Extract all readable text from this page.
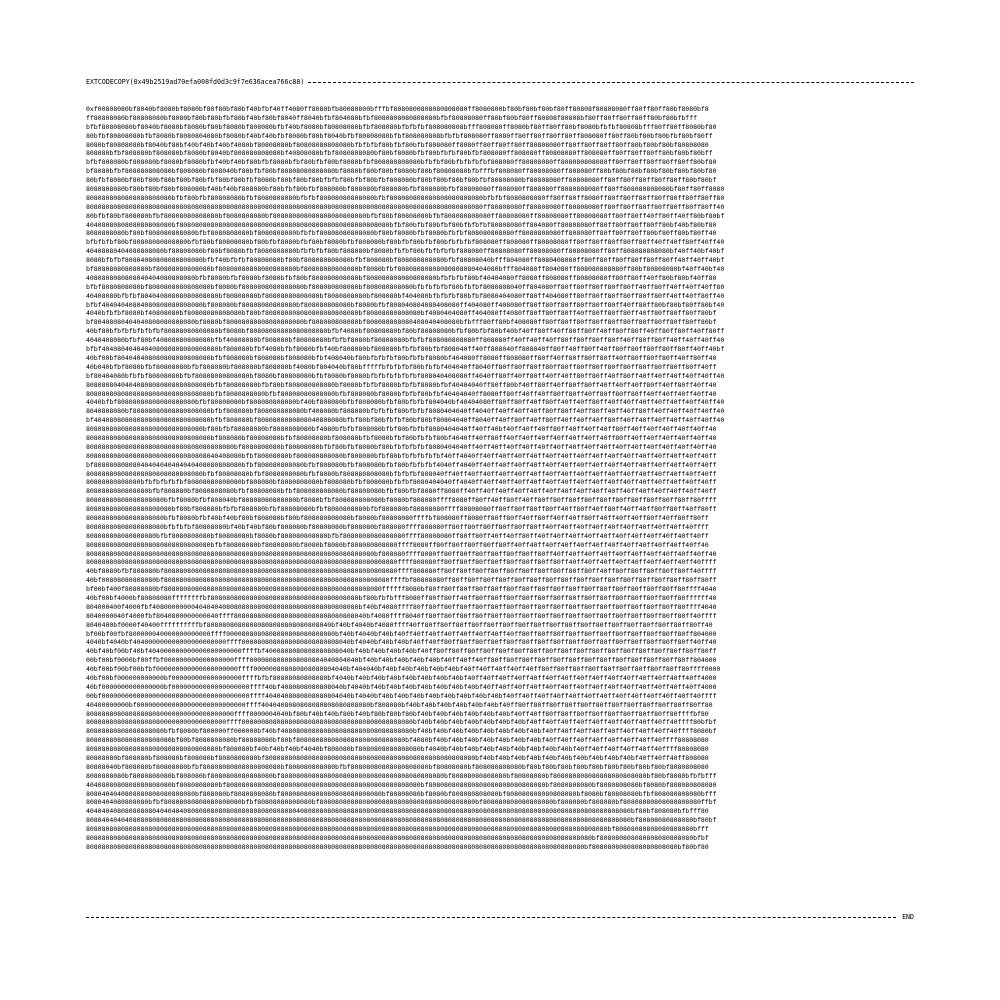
EXTCODECOPY(0x49b2519ad70efa008fd0d3c9f7e636acea766c88)
0xf00808080bf8040bf8080bf8080bf80f80bf80bf40bfbf40ff4080ff8080bfb80080800bfffbf8080800808080808080ff8080800bf80bf80bf80bf80ff80808f80808080ff80ff80ff80bf8080bf8
ff80808080bf80808080bf8080bf80bf80bfbf80bf40bf80bf8040ff8040bfbf804080bfbf8080808080808080bfbf80808080ff80bf80bf80ff80808f80808bf80ff80ff80ff80ff80bf80bfbfff
bfbf80808080bf8040bf8080bf8080bf80bf8080bf808080bfbf40bf8080bf80808080bfbf808080bfbfbfbf808080808bfff808080ff8080bf80ff80ff80bf8080bfbfbf80808bfff80ff80ff8080bf80
80bfbf80808080bfbf8080bf8080804080bf8080bf40bf40bfbf8080bf80bf8040bfbf80808080bfbf808080808bfbfbf808080ff8080ff80ff80ff80ff80ff808080ff80ff80bf80bf80bfbf80bf80ff
8080bf80808080bf8040bf80bf40bf40bf40bf4080bf80808080bf80808080808080bfbfbfbf80bfbf80bfbf808080ff8080ff80ff80ff80ff80808080ff80ff80ff80ff80ff80bf80bf80bf80808080
808080bfbf808080bf808080bf8080bf8040bf808080808080bf40808080bfbf8080808080bf80bf8080bfbf80bfbfbf80bfbf808080ff808080ff80808080ff808080ff80ff80ff80ff80bf80bf80bff
bfbf808080bf808080bf8080bf8080bfbf40bf40bf80bfbf8080bfbf80bfbf80bf8080bfbf808080808080bfbfbf80bfbfbfbfbf808080ff80808080ff808080808080ff80ff80ff80ff80ff80ff80bf80
bf8080bfbf808080808080bf808080bf808040bf80bfbf80bf80808080808080bf8080bf80bf80bf8080bf80bf80808080bfbfffbf808080ff80808080ff808080ff80bf80bf80bf80bf80bf80bf80bf80
80bfbf8080bf80bf80bf80bf80bf80bfbf80bf80bfbf8080bf80bf80bf80bfbfbf80bfbf80bfbf808080bf80bf80bf80bf80bfbf80808080bf80808080ff80808080ff80ff80ff80ff80ff80ff80bf80bf
8080808080bf80bf80bf80bf808080bf40bf40bf808080bf80bfbf80bfbf808080bf808080bf808080bfbf808080bfbf80808080ff808080ff808080ff8080808080ff80ff808080808080bf80ff80ff8080
8080808080808080808080bfbf80bfbf80808080bfbf8080808080bfbfbf80808080808080bfbf808080808080808080808080bfbfbf8080808080ff80ff80ff8080ff80ff80ff80ff80ff80ff80ff80ff80
808080808080808080808080808080808080808080808080808080808080808080808080808080808080808080808080808080ff80808080ff80808080ff80808080ff80ff80ff80ff80ff80ff80ff80ff40
80bfbf80bf808080bfbf80808080808080bf8080808080bf808080808080808080808080bfbf80bf80808080bfbf808080808080ff80808080ff80808080ff80808080ff80ff80ff40ff80ff40ff80bf80bf
4040808080808080808080bf808080808080808080808080808080808080808080808080808080bfbf80bfbf80bfbf80bfbfbfbf80808080ff804080ff80808080ff80ff80ff80ff80ff80bf40bf80bf80
8080808080bf80bf808080808080bfbf8080808080bf8080808080bfbfbf80808080808080bf80bf8080bfbf8080bfbfbf808080808080ff8080808080ff808080ff80ff80ff80ff80bf80ff80bf80ff40
bfbfbfbf80bf80808080808080bfbf80bf80808080bf80bfbf8080bfbf80bf8080bfbf808080bf80bfbf80bfbf80bfbfbfbf808080ff808080ff80808080ff80ff80ff80ff80ff80ff40ff40ff80ff40ff40
40408080404080808080bf80808080bf80bf8080bfbf8080808080bfbfbfbf80bf808080bf8080bfbfbf80bfbfbfbfbf808080ff80808080ff80808080ff80808080ff80ff808080808080bf40ff40bf40bf
8080bfbfbf80804080808080808080bfbf40bfbfbf80808080bf80bf808080808080bfbf808080bf808080808080bfbf80808040bfff804080ff8080408080ff80ff80ff80ff80ff80ff80ff40ff40ff40bf
bf80808080808080bf80808080808080bf80808080808080808080bf80808080808080bf8080bfbf80808080808080808080404080bfff804080ff804080ff808080808080ff80bf80808080bf40ff40bf40
4080808080808040404080808080bfbf8080bfbf8080bf8080bfbf80bf808080808080bf808080808080808080bfbfbfbf80bf40404080ff8080ff808080ff80808080ff80ff80ff40ff80bf80bf40ff80
bfbf8080808080bf8080808080808080bf8080bf8080808080808080bf808080808080bf808080808080bfbfbfbfbf80bfbfbf8080808040ff804080ff80ff80ff80ff80ff80ff40ff80ff40ff40ff40ff80
40408080bfbfbf80404080808080808080bf80808080bf80808080808080bf8080808080bf808080bf404080bfbfbfbf80bfbf8080404080ff80ff404080ff80ff80ff80ff80ff80ff80ff40ff40ff80ff40
bfbf40404040804080808080808080bf808080bf80808080808080bf808080808080bf8080bfbf808040804080408080ff404080ff408080ff80ff80ff80ff80ff80ff80ff40ff80ff80bf80bf80ff80bf40
4040bfbfbf8080bf40808080bf80808080808080bf80bf808080808080808080808080bf80808080808080bf4080404080ff404080ff4080ff80ff80ff80ff40ff80ff80ff80ff40ff80ff80ff80ff80bf
bf80408080404040808080808080bf8080bf80808080808080808080bf808080808080bf808080808080408040408080bfbfff80ff80bf408080ff80ff80ff80ff80ff80ff80ff80ff80ff80ff80ff80bf
40bf80bfbfbfbfbfbfbf80808080808080bf8080bf80808080808080808080bfbf4080bf80808080bf80bf80808080bfbf80bfbf80bf40bf40ff80ff40ff80ff80ff40ff80ff80ff40ff80ff80ff40ff80ff
4040408080bfbf80bf40808080808080bfbf40808080bf808080bf80808080bfbfbf8080bf80808080bfbfbf808080808080ff808080ff40ff40ff40ff80ff80ff80ff80ff40ff80ff80ff40ff40ff40ff40
bfbf404080404040408080808080808080bf808080bfbf4080bfbf8080bfbf40bf808080bf808080bfbfbf80bfbf808040ff40ff808040ff808040ff80ff40ff80ff40ff80ff80ff80ff80ff80ff40ff40bf
40bf00bf804040408080808080808080bfbf808080bf808080bf808080bfbf408040bf80bfbfbfbf80bfbfbf8080bf404080ff8080ff808080ff80ff40ff80ff80ff80ff40ff80ff80ff80ff40ff80ff40
40b040bfbf8080bfbf80808080bfbf808080bf808080bf808080bf4080bf804040bf80bfffffbfbfbfbf80bfbfbf404040ff8040ff80ff80ff80ff80ff80ff80ff80ff80ff80ff80ff80ff80ff80ff40ff
bf80404080bfbfbf80808080bfbf80808080808080bf8080bf80808080bfbf8080bf8080bfbfbfbfbfbfbf808040408080ff4040ff80ff40ff80ff40ff40ff80ff80ff40ff80ff40ff40ff40ff40ff40ff40
80808080404040808080808080808080bfbf80808080bfbf80bf808080808080bf8080bfbfbf8080bfbfbf8080bfbf40404040ff80ff80bf40ff80ff40ff80ff80ff40ff40ff40ff80ff40ff80ff40ff40
80808080808080808080808080808080bfbf8080808080bfbf80808080808080bfbf808080bf8080bfbfbf80bfbf40404040ff8080ff80ff40ff40ff80ff80ff40ff80ff80ff80ff40ff40ff40ff40ff40
4040bfbf80808080808080808080bfbf80808080bf808080808080bf40bf808080bfbf808080bfbf80bfbfbf804040bf40404080ff80ff80ff40ff80ff40ff40ff80ff40ff40ff40ff40ff40ff40ff40ff40
8040808080bf80808080808080808080bfbf808080bf808080808080bf408080bf808080bfbfbfbf80bfbfbf8080404040ff4040ff40ff40ff40ff80ff80ff40ff80ff40ff40ff80ff40ff40ff40ff40ff40
bf404080808080808080808080808080bfbf808080bf8080808080808040808080bfbf80bf80bfbfbf80bf80bf80804040ff8040ff40ff80ff40ff80ff40ff40ff40ff80ff40ff40ff40ff40ff40ff40ff40
808080808080808080808080808080bf80bfbf80808080bf8080808080bf4080bfbfbf808080bfbf80bfbfbf8080404040ff40ff40bf40ff40ff40ff80ff40ff40ff40ff80ff40ff40ff40ff40ff40ff40
80808080808080808080808080808080bf808080bf80808080bfbf80808080bf808080bfbf8080bfbf80bfbfbf80bf4040ff40ff80ff40ff40ff40ff40ff40ff40ff40ff80ff40ff40ff40ff40ff40ff40
80808080808080808080808080808080808080bf8080808080bf80808080bfbf80bfbf8080bf80bfbfbfbfbf8080404040ff40ff40ff40ff40ff40ff40ff40ff40ff40ff40ff40ff40ff40ff40ff40ff40
8080808080808080808080808080808040408080bfbf80808080bf808080808080bf808080bfbf80bfbfbfbfbfbf40ff4040ff40ff40ff40ff40ff40ff40ff40ff40ff40ff40ff40ff40ff40ff40ff40ff
bf80808080808040404040404040408080808080bfbf808080808080bfbf808080bfbf808080bfbf80bfbfbfbf4040ff4040ff40ff40ff40ff40ff40ff40ff40ff40ff40ff40ff40ff40ff40ff40ff40ff
808080808080808080808080808080bfbf80808080bfbf8080808080bfbf8080bf808080808080bfbfbfbf808040ff40ff40ff40ff40ff40ff40ff40ff40ff40ff40ff40ff40ff40ff40ff40ff40ff40ff
80808080808080bfbfbfbfbfbf80808080808080bf808080bf8080808080bf808080bfbf808080bfbfbf8080404040ff4040ff40ff40ff40ff40ff40ff40ff40ff40ff40ff40ff40ff40ff40ff40ff40ff
8080808080808080bfbf808080bf8080808080bfbf80808080bfbf808080808080bf80808080bfbf80bfbf8080ff8080ff40ff40ff40ff40ff40ff40ff40ff40ff40ff40ff40ff40ff40ff40ff40ff40ff
80808080808080808080bfbf8080bfbf808040bf80808080808080bf8080bfbf808080808080bf8080bf808080ffff8080ff80ff40ff80ff40ff80ff80ff80ff80ff80ff80ff80ff80ff80ff80ff80ffff
8080808080808080808080bf80bf808080bfbfbf808080bfbf80808080bfbf8080808080bfbf808080bf80808080ffff80808080ff80ff80ff80ff80ff40ff80ff40ff80ff40ff40ff80ff80ff40ff80ff
80808080808080808080bfbf8080bfbf40bf40bf80bf808080bf80bf808080808080bf8080bf80808080ffffbf808080ff8080ff80ff80ff40ff80ff40ff40ff80ff40ff40ff40ff80ff40ff80ff80ff
80808080808080808080bfbfbfbf80808080bf40bf40bf80bf808080bf80808080bf808080bf808080ffff808080ff80ff80ff80ff80ff80ff80ff40ff40ff40ff40ff40ff40ff40ff40ff40ff40ffff
808080808080808080bfbf8080808080bf80808080bf8080bf808080808080bfbf8080808080808080ffff80808080ff80ff80ff40ff40ff80ff40ff40ff40ff40ff40ff40ff40ff40ff40ff40ff40ff
80808080808080808080808080808080bfbf80808080bf80808080bf8080bf8080bf808080808080ffff8080ff80ff80ff80ff80ff80ff40ff40ff40ff40ff40ff40ff40ff40ff40ff40ff40ff40ff40
80808080808080808080808080808080808080808080808080808080808080808080808080bf808080ffff8080ff80ff80ff80ff80ff80ff80ff80ff40ff40ff40ff40ff40ff40ff40ff40ff40ff40ff40
80808080808080808080808080808080808080808080808080808080808080808080808080808080ffff808080ff80ff80ff80ff80ff80ff80ff80ff80ff40ff40ff40ff40ff40ff40ff40ff40ff40ffff
40bf8080bfbf808080bf808080808080808080808080808080808080808080808080808080808080ffff808080ff80ff80ff80ff80ff80ff80ff80ff80ff80ff80ff40ff80ff80ff80ff80ff80ff40ffff
40bf00808080808080bf8080808080808080808080808080808080808080808080808080808080ffffbf80808080ff80ff80ff80ff80ff80ff80ff80ff80ff80ff80ff80ff80ff80ff80ff80ff80ff80ff
bf00bf400f80808080bf80808080808080808080808080808080808080808080808080808080ffffff8080bf80ff80ff80ff80ff80ff80ff80ff80ff80ff80ff80ff80ff80ff80ff80ff80ff80ffff4040
40bf00bf4000bf80808080ffffffffbf80808080808080808080808080808080808080bf80bfbfbfff8080ff80ff80ff40ff80ff80ff80ff80ff80ff80ff80ff80ff80ff80ff80ff80ff80ff80ffffff40
804000400f4000fbf40800000000404040408080808080808080808080808080808080bf40bf4080ffff80ff80ff80ff80ff80ff80ff80ff80ff80ff80ff80ff80ff80ff80ff80ff80ff80ff80ffff4040
8040000040f4000fbf8040800000000040ffff8080808080808080808080808080808040bf4080ffff8040ff80ff80ff80ff80ff80ff80ff80ff80ff80ff80ff80ff80ff80ff80ff80ff80ff80ff40ffff
8040400bf0000f40400ffffffffffbf80808080808080808080808080808040bf40bf4040bf4080ffff40ff80ff80ff80ff80ff80ff80ff80ff80ff80ff80ff80ff80ff80ff80ff80ff80ff80ff80ff40
bf00bf00fbf800000040000000000000ffff0000808080808080808080808080bf40bf4040bf40bf40ff40ff40ff40ff40ff40ff40ff40ff80ff80ff80ff80ff80ff80ff80ff80ff80ff80ff80ff804000
4040bf4040bf404000000000000000000000ffff0000808080808080808080808040bf4040bf40bf40bf40ff40ff80ff80ff80ff80ff80ff80ff80ff80ff80ff80ff80ff80ff80ff80ff80ff80ff40ff40
40bf40bf00bf40bf404000000000000000000000ffffbf4000808080808080808040bf40bf40bf40bf40bf40ff80ff80ff80ff80ff80ff80ff80ff80ff80ff80ff80ff80ff80ff80ff80ff80ff80ff80ff
00bf00bf0000bf00ffbf000000000000000000ffff0000808080808080804040804040bf40bf40bf40bf40bf40bf40ff40ff40ff80ff80ff80ff80ff80ff80ff80ff80ff80ff80ff80ff80ff80ff804000
40bf00bf00bf00bfbf000000000000000000000ffff000000808080808080804040bf404040bf40bf40bf40bf40bf40bf40ff40ff40ff40ff40ff80ff80ff80ff80ff80ff80ff80ff80ff80ff80ffff0000
40bf00bf000000000000bf000000000000000000ffffbfbf80808080808080bf4040bf40bf40bf40bf40bf40bf40bf40bf40ff40ff40ff40ff40ff40ff40ff40ff40ff40ff40ff40ff40ff40ff40ff4000
40bf0000000000000000bf00000000000000000000ffff40bf4080808080808040bf4040bf40bf40bf40bf40bf40bf40bf40bf40ff40ff40ff40ff40ff40ff40ff40ff40ff40ff40ff40ff40ff40ff4000
00bf00000000000000000000000000000000000000ffff4040408080808080804040bf4040bf40bf40bf40bf40bf40bf40bf40bf40bf40ff40ff40ff40ff40ff40ff40ff40ff40ff40ff40ff40ff40ffff
40400000000bf0000000000000000000000000000ffff4040408080808080808080808080bf808080bf40bf40bf40bf40bf40bf40bf40ff80ff80ff80ff80ff80ff80ff80ff80ff80ff80ff80ff80ff80
80808080808080808080000000000000000000ffff0000004040bf80bf40bf40bf80bf40bf80bf80bf80bf40bf40bf40bf40bf40bf40bf40ff40ff80ff80ff80ff80ff80ff80ff80ff80ff80ffffbf80
808080808080808080800000000000000000ffff00000080808080808080808080808080808080808080bf40bf40bf40bf40bf40bf40bf40bf40ff40ff40ff40ff40ff40ff40ff40ff40ff40ffff80bfbf
80808080808080808080bfbf8080bf800000ff000000bf40bf4080808080808080808080808080808080bf40bf40bf40bf40bf40bf40bf40bf40bf40ff40ff40ff40ff40ff40ff40ff40ff40ffff8080bf
8080808080808080808080bf80bf8080808080bf80808080bf80bf8080808080808080808080808080bf4080bf40bf40bf40bf40bf40bf40bf40bf40ff40ff40ff40ff40ff40ff40ff40ffff80808080
8080808080808080808080808080808080bf808080bf40bf40bf40bf4040bf808080bf8080808080808080bf4040bf40bf40bf40bf40bf40bf40bf40bf40bf40ff40ff40ff40ff40ff40ffff80808080
80808080bf808080bf808080bf808080bf8080808080bf808080808080808080808080808080808080808080808080808080bf40bf40bf40bf40bf40bf40bf40bf40bf40bf40bf40ff40ff40ff808080
80808040bf808080bf80808080bfbf80808080808080808080bf808080808080bfbf80808080808080808080bf80808080bf808080808080bf80bf80bf80bf80bf80bf80bf80bf80bf80bf8080808080
8080808080bf8080808080bf808080bf8080808080808080bf808080808080808080808080808080808080808080bf80808080808080bf80808080bf808080808080808080808080bf80bf8080bfbfbfff
4040808080808080808080bf8080808080bf80808080808080808080808080808080808080808080808080bf808080808080808080808080808080bf8080808080bf8080808080bf8080bf808080808080
8080404040808080808080808080bf808080bf8080808080bf80808080808080808080808080bf80808080bf8080bf808080808080bf808080808080808080bf8080bf80808080bfbf808080808080bfff
8080404080808080bfbf80808080808080808080bfbf80808080808080bf8080808080808080808080808080808080808080bf808080808080808080bf808080bf808080bf80808080808080808080ffbf
40404040808080808040404040808080808080808080808080808040808080808080808080808080808080808080808080808080808080808080808080808080808080808080bf80bf808080bfbfff80
80804040404080808080808080808080808080808080808080808080808080808080808080808080808080808080808080808080808080808080808080808080808080808080bf80808080808080bf80bf
80808080808080808080808080808080808080808080808080808080808080808080808080808080808080808080808080808080808080808080808080808080808080bf80808080808080808080bfff
8080808080808080808080808080808080808080808080808080808080808080808080808080808080808080808080808080808080808080808080808080808080bf808080808080808080808080bfbf
80808080808080808080808080808080808080808080808080808080808080808080808080808080808080808080808080808080808080808080808080808080bf8080808080808080808080bf80bf80
END
